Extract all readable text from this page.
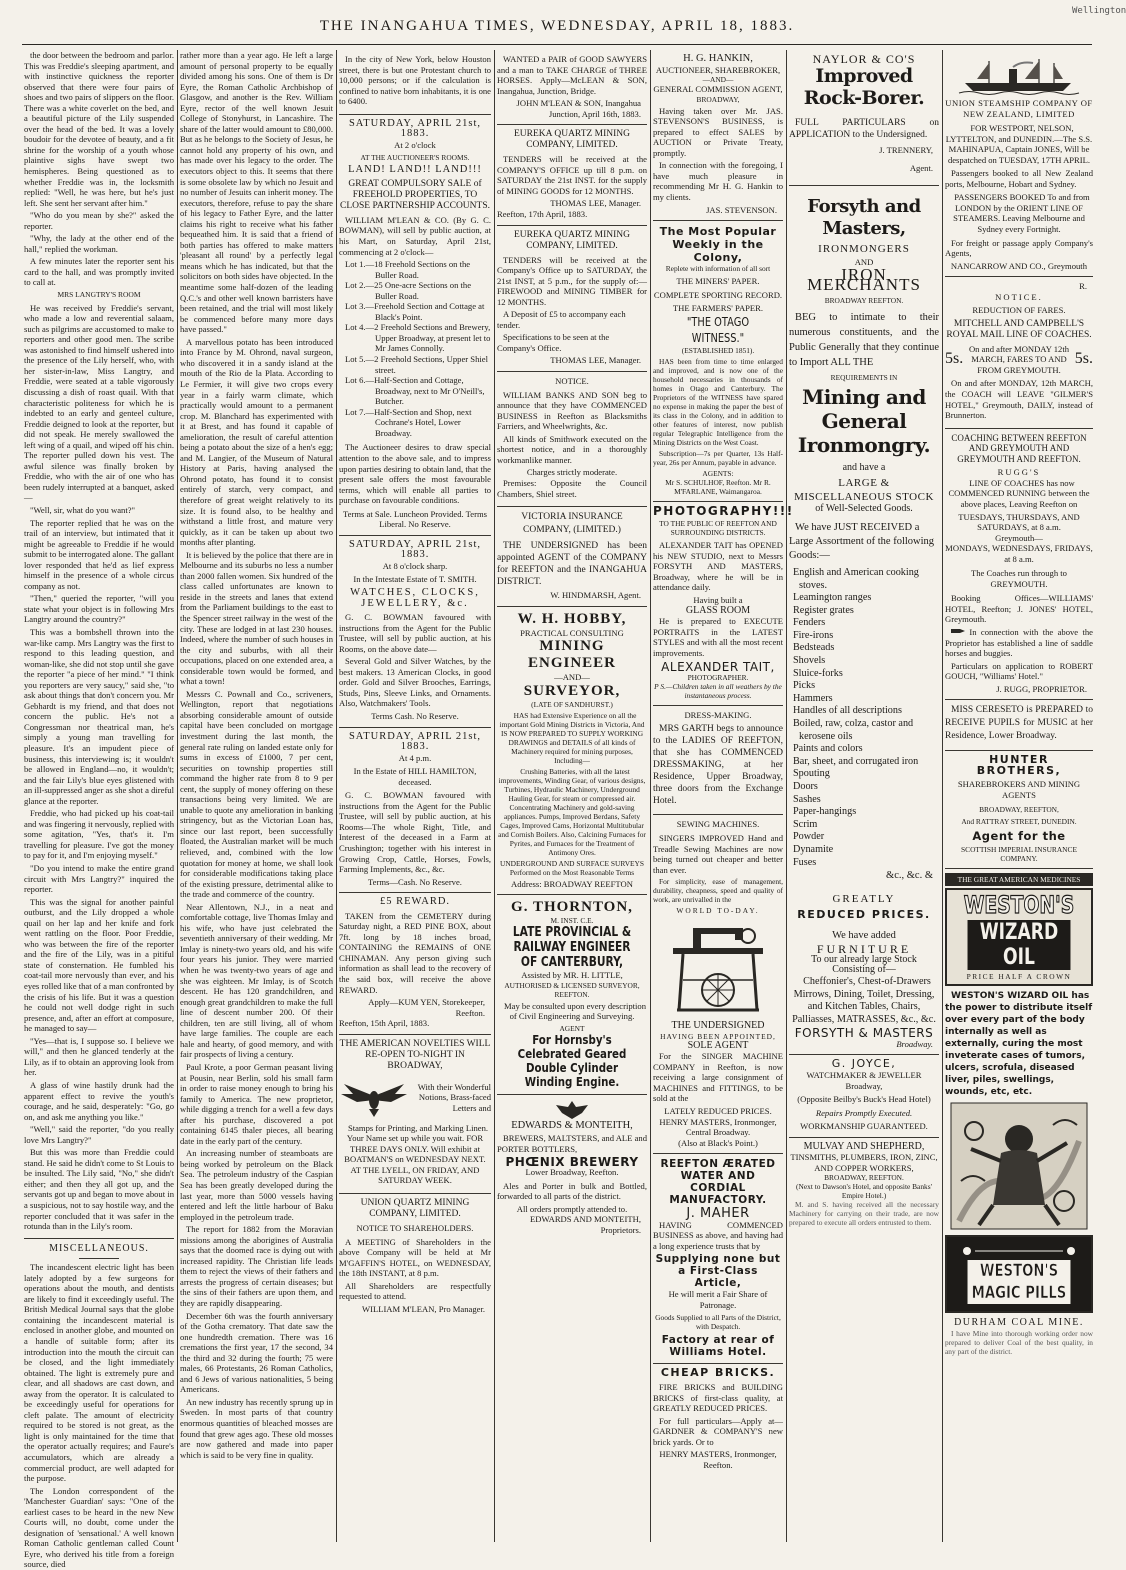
THE INANGAHUA TIMES, WEDNESDAY, APRIL 18, 1883.
Wellington

the door between the bedroom and parlor. This was Freddie's sleeping apartment, and with instinctive quickness the reporter observed that there were four pairs of shoes and two pairs of slippers on the floor. There was a white coverlet on the bed, and a beautiful picture of the Lily suspended over the head of the bed. It was a lovely boudoir for the devotee of beauty, and a fit shrine for the worship of a youth whose plaintive sighs have swept two hemispheres. Being questioned as to whether Freddie was in, the locksmith replied: "Well, he was here, but he's just left. She sent her servant after him."

"Who do you mean by she?" asked the reporter.

"Why, the lady at the other end of the hall," replied the workman.

A few minutes later the reporter sent his card to the hall, and was promptly invited to call at.

MRS LANGTRY'S ROOM

He was received by Freddie's servant, who made a low and reverential salaam, such as pilgrims are accustomed to make to reporters and other good men. The scribe was astonished to find himself ushered into the presence of the Lily herself, who, with her sister-in-law, Miss Langtry, and Freddie, were seated at a table vigorously discussing a dish of roast quail. With that characteristic politeness for which he is indebted to an early and genteel culture, Freddie deigned to look at the reporter, but did not speak. He merely swallowed the left wing of a quail, and wiped off his chin. The reporter pulled down his vest. The awful silence was finally broken by Freddie, who with the air of one who has been rudely interrupted at a banquet, asked—

"Well, sir, what do you want?"

The reporter replied that he was on the trail of an interview, but intimated that it might be agreeable to Freddie if he would submit to be interrogated alone. The gallant lover responded that he'd as lief express himself in the presence of a whole circus company as not.

"Then," queried the reporter, "will you state what your object is in following Mrs Langtry around the country?"

This was a bombshell thrown into the war-like camp. Mrs Langtry was the first to respond to this leading question, and woman-like, she did not stop until she gave the reporter "a piece of her mind." "I think you reporters are very saucy," said she, "to ask about things that don't concern you. Mr Gebhardt is my friend, and that does not concern the public. He's not a Congressman nor theatrical man, he's simply a young man travelling for pleasure. It's an impudent piece of business, this interviewing is; it wouldn't be allowed in England—no, it wouldn't; and the fair Lily's blue eyes glistened with an ill-suppressed anger as she shot a direful glance at the reporter.

Freddie, who had picked up his coat-tail and was fingering it nervously, replied with some agitation, "Yes, that's it. I'm travelling for pleasure. I've got the money to pay for it, and I'm enjoying myself."

"Do you intend to make the entire grand circuit with Mrs Langtry?" inquired the reporter.

This was the signal for another painful outburst, and the Lily dropped a whole quail on her lap and her knife and fork went rattling on the floor. Poor Freddie, who was between the fire of the reporter and the fire of the Lily, was in a pitiful state of consternation. He fumbled his coat-tail more nervously than ever, and his eyes rolled like that of a man confronted by the crisis of his life. But it was a question he could not well dodge right in such presence, and, after an effort at composure, he managed to say—

"Yes—that is, I suppose so. I believe we will," and then he glanced tenderly at the Lily, as if to obtain an approving look from her.

A glass of wine hastily drunk had the apparent effect to revive the youth's courage, and he said, desperately: "Go, go on, and ask me anything you like."

"Well," said the reporter, "do you really love Mrs Langtry?"

But this was more than Freddie could stand. He said he didn't come to St Louis to be insulted. The Lily said, "No," she didn't either; and then they all got up, and the servants got up and began to move about in a suspicious, not to say hostile way, and the reporter concluded that it was safer in the rotunda than in the Lily's room.

MISCELLANEOUS.

The incandescent electric light has been lately adopted by a few surgeons for operations about the mouth, and dentists are likely to find it exceedingly useful. The British Medical Journal says that the globe containing the incandescent material is enclosed in another globe, and mounted on a handle of suitable form; after its introduction into the mouth the circuit can be closed, and the light immediately obtained. The light is extremely pure and clear, and all shadows are cast down, and away from the operator. It is calculated to be exceedingly useful for operations for cleft palate. The amount of electricity required to be stored is not great, as the light is only maintained for the time that the operator actually requires; and Faure's accumulators, which are already a commercial product, are well adapted for the purpose.

The London correspondent of the 'Manchester Guardian' says: "One of the earliest cases to be heard in the new New Courts will, no doubt, come under the designation of 'sensational.' A well known Roman Catholic gentleman called Count Eyre, who derived his title from a foreign source, died

rather more than a year ago. He left a large amount of personal property to be equally divided among his sons. One of them is Dr Eyre, the Roman Catholic Archbishop of Glasgow, and another is the Rev. William Eyre, rector of the well known Jesuit College of Stonyhurst, in Lancashire. The share of the latter would amount to £80,000. But as he belongs to the Society of Jesus, he cannot hold any property of his own, and has made over his legacy to the order. The executors object to this. It seems that there is some obsolete law by which no Jesuit and no number of Jesuits can inherit money. The executors, therefore, refuse to pay the share of his legacy to Father Eyre, and the latter claims his right to receive what his father bequeathed him. It is said that a friend of both parties has offered to make matters 'pleasant all round' by a perfectly legal means which he has indicated, but that the solicitors on both sides have objected. In the meantime some half-dozen of the leading Q.C.'s and other well known barristers have been retained, and the trial will most likely be commenced before many more days have passed."

A marvellous potato has been introduced into France by M. Ohrond, naval surgeon, who discovered it in a sandy island at the mouth of the Rio de la Plata. According to Le Fermier, it will give two crops every year in a fairly warm climate, which practically would amount to a permanent crop. M. Blanchard has experimented with it at Brest, and has found it capable of amelioration, the result of careful attention being a potato about the size of a hen's egg; and M. Langier, of the Museum of Natural History at Paris, having analysed the Ohrond potato, has found it to consist entirely of starch, very compact, and therefore of great weight relatively to its size. It is found also, to be healthy and withstand a little frost, and mature very quickly, as it can be taken up about two months after planting.

It is believed by the police that there are in Melbourne and its suburbs no less a number than 2000 fallen women. Six hundred of the class called unfortunates are known to reside in the streets and lanes that extend from the Parliament buildings to the east to the Spencer street railway in the west of the city. These are lodged in at last 230 houses. Indeed, where the number of such houses in the city and suburbs, with all their occupations, placed on one extended area, a considerable town would be formed, and what a town!

Messrs C. Pownall and Co., scriveners, Wellington, report that negotiations absorbing considerable amount of outside capital have been concluded on mortgage investment during the last month, the general rate ruling on landed estate only for sums in excess of £1000, 7 per cent, securities on township properties still command the higher rate from 8 to 9 per cent, the supply of money offering on these transactions being very limited. We are unable to quote any amelioration in banking stringency, but as the Victorian Loan has, since our last report, been successfully floated, the Australian market will be much relieved, and, combined with the low quotation for money at home, we shall look for considerable modifications taking place of the existing pressure, detrimental alike to the trade and commerce of the country.

Near Allentown, N.J., in a neat and comfortable cottage, live Thomas Imlay and his wife, who have just celebrated the seventieth anniversary of their wedding. Mr Imlay is ninety-two years old, and his wife four years his junior. They were married when he was twenty-two years of age and she was eighteen. Mr Imlay, is of Scotch descent. He has 120 grandchildren, and enough great grandchildren to make the full line of descent number 200. Of their children, ten are still living, all of whom have large families. The couple are each hale and hearty, of good memory, and with fair prospects of living a century.

Paul Krote, a poor German peasant living at Pousin, near Berlin, sold his small farm in order to raise money enough to bring his family to America. The new proprietor, while digging a trench for a well a few days after his purchase, discovered a pot containing 6145 thaler pieces, all bearing date in the early part of the century.

An increasing number of steamboats are being worked by petroleum on the Black Sea. The petroleum industry of the Caspian Sea has been greatly developed during the last year, more than 5000 vessels having entered and left the little harbour of Baku employed in the petroleum trade.

The report for 1882 from the Moravian missions among the aborigines of Australia says that the doomed race is dying out with increased rapidity. The Christian life leads them to reject the views of their fathers and arrests the progress of certain diseases; but the sins of their fathers are upon them, and they are rapidly disappearing.

December 6th was the fourth anniversary of the Gotha crematory. That date saw the one hundredth cremation. There was 16 cremations the first year, 17 the second, 34 the third and 32 during the fourth; 75 were males, 66 Protestants, 26 Roman Catholics, and 6 Jews of various nationalities, 5 being Americans.

An new industry has recently sprung up in Sweden. In most parts of that country enormous quantities of bleached mosses are found that grew ages ago. These old mosses are now gathered and made into paper which is said to be very fine in quality.

In the city of New York, below Houston street, there is but one Protestant church to 10,000 persons; or if the calculation is confined to native born inhabitants, it is one to 6400.

SATURDAY, APRIL 21st, 1883.
At 2 o'clock
AT THE AUCTIONEER'S ROOMS.
LAND! LAND!! LAND!!!
GREAT COMPULSORY SALE of FREEHOLD PROPERTIES, TO CLOSE PARTNERSHIP ACCOUNTS.

WILLIAM M'LEAN & CO. (By G. C. BOWMAN), will sell by public auction, at his Mart, on Saturday, April 21st, commencing at 2 o'clock—

Lot 1.—18 Freehold Sections on the Buller Road.
Lot 2.—25 One-acre Sections on the Buller Road.
Lot 3.—Freehold Section and Cottage at Black's Point.
Lot 4.—2 Freehold Sections and Brewery, Upper Broadway, at present let to Mr James Connolly.
Lot 5.—2 Freehold Sections, Upper Shiel street.
Lot 6.—Half-Section and Cottage, Broadway, next to Mr O'Neill's, Butcher.
Lot 7.—Half-Section and Shop, next Cochrane's Hotel, Lower Broadway.

The Auctioneer desires to draw special attention to the above sale, and to impress upon parties desiring to obtain land, that the present sale offers the most favourable terms, which will enable all parties to purchase on favourable conditions.

Terms at Sale. Luncheon Provided. Terms Liberal. No Reserve.
SATURDAY, APRIL 21st, 1883.
At 8 o'clock sharp.
In the Intestate Estate of T. SMITH.
WATCHES, CLOCKS, JEWELLERY, &c.

G. C. BOWMAN favoured with instructions from the Agent for the Public Trustee, will sell by public auction, at his Rooms, on the above date—

Several Gold and Silver Watches, by the best makers. 13 American Clocks, in good order. Gold and Silver Brooches, Earrings, Studs, Pins, Sleeve Links, and Ornaments. Also, Watchmakers' Tools.

Terms Cash. No Reserve.
SATURDAY, APRIL 21st, 1883.
At 4 p.m.
In the Estate of HILL HAMILTON, deceased.

G. C. BOWMAN favoured with instructions from the Agent for the Public Trustee, will sell by public auction, at his Rooms—The whole Right, Title, and Interest of the deceased in a Farm at Crushington; together with his interest in Growing Crop, Cattle, Horses, Fowls, Farming Implements, &c., &c.

Terms—Cash. No Reserve.
£5 REWARD.

TAKEN from the CEMETERY during Saturday night, a RED PINE BOX, about 7ft. long by 18 inches broad, CONTAINING the REMAINS of ONE CHINAMAN. Any person giving such information as shall lead to the recovery of the said box, will receive the above REWARD.

Apply—KUM YEN, Storekeeper, Reefton.
Reefton, 15th April, 1883.
THE AMERICAN NOVELTIES WILL RE-OPEN TO-NIGHT IN BROADWAY,
With their Wonderful Notions, Brass-faced Letters and

Stamps for Printing, and Marking Linen. Your Name set up while you wait. FOR THREE DAYS ONLY. Will exhibit at BOATMAN'S on WEDNESDAY NEXT. AT THE LYELL, ON FRIDAY, AND SATURDAY WEEK.

UNION QUARTZ MINING COMPANY, LIMITED.
NOTICE TO SHAREHOLDERS.

A MEETING of Shareholders in the above Company will be held at Mr M'GAFFIN'S HOTEL, on WEDNESDAY, the 18th INSTANT, at 8 p.m.

All Shareholders are respectfully requested to attend.

WILLIAM M'LEAN, Pro Manager.

WANTED a PAIR of GOOD SAWYERS and a man to TAKE CHARGE of THREE HORSES. Apply—McLEAN & SON, Inangahua, Junction, Bridge.

JOHN M'LEAN & SON, Inangahua Junction, April 16th, 1883.
EUREKA QUARTZ MINING COMPANY, LIMITED.

TENDERS will be received at the COMPANY'S OFFICE up till 8 p.m. on SATURDAY the 21st INST. for the supply of MINING GOODS for 12 MONTHS.

THOMAS LEE, Manager.
Reefton, 17th April, 1883.
EUREKA QUARTZ MINING COMPANY, LIMITED.

TENDERS will be received at the Company's Office up to SATURDAY, the 21st INST, at 5 p.m., for the supply of:—FIREWOOD and MINING TIMBER for 12 MONTHS.

A Deposit of £5 to accompany each tender.

Specifications to be seen at the Company's Office.

THOMAS LEE, Manager.
NOTICE.

WILLIAM BANKS AND SON beg to announce that they have COMMENCED BUSINESS in Reefton as Blacksmiths Farriers, and Wheelwrights, &c.

All kinds of Smithwork executed on the shortest notice, and in a thoroughly workmanlike manner.

Charges strictly moderate.

Premises: Opposite the Council Chambers, Shiel street.

VICTORIA INSURANCE COMPANY, (LIMITED.)

THE UNDERSIGNED has been appointed AGENT of the COMPANY for REEFTON and the INANGAHUA DISTRICT.

W. HINDMARSH, Agent.
W. H. HOBBY,
PRACTICAL CONSULTING
MINING ENGINEER
—AND—
SURVEYOR,
(LATE OF SANDHURST.)

HAS had Extensive Experience on all the important Gold Mining Districts in Victoria, And IS NOW PREPARED TO SUPPLY WORKING DRAWINGS and DETAILS of all kinds of Machinery required for mining purposes, Including—

Crushing Batteries, with all the latest improvements, Winding Gear, of various designs, Turbines, Hydraulic Machinery, Underground Hauling Gear, for steam or compressed air. Concentrating Machinery and gold-saving appliances. Pumps, Improved Berdans, Safety Cages, Improved Cams, Horizontal Multitubular and Cornish Boilers. Also, Calcining Furnaces for Pyrites, and Furnaces for the Treatment of Antimony Ores.

UNDERGROUND AND SURFACE SURVEYS Performed on the Most Reasonable Terms
Address: BROADWAY REEFTON
G. THORNTON,
M. INST. C.E.
LATE PROVINCIAL & RAILWAY ENGINEER OF CANTERBURY,
Assisted by MR. H. LITTLE,
AUTHORISED & LICENSED SURVEYOR, REEFTON.

May be consulted upon every description of Civil Engineering and Surveying.

AGENT
For Hornsby's Celebrated Geared Double Cylinder Winding Engine.
EDWARDS & MONTEITH,

BREWERS, MALTSTERS, and ALE and PORTER BOTTLERS,

PHŒNIX BREWERY
Lower Broadway, Reefton.

Ales and Porter in bulk and Bottled, forwarded to all parts of the district.

All orders promptly attended to.
EDWARDS AND MONTEITH, Proprietors.
H. G. HANKIN,
AUCTIONEER, SHAREBROKER,
—AND—
GENERAL COMMISSION AGENT,
BROADWAY,

Having taken over Mr. JAS. STEVENSON'S BUSINESS, is prepared to effect SALES by AUCTION or Private Treaty, promptly.

In connection with the foregoing, I have much pleasure in recommending Mr H. G. Hankin to my clients.

JAS. STEVENSON.
The Most Popular Weekly in the Colony,
Replete with information of all sort
THE MINERS' PAPER.
COMPLETE SPORTING RECORD.
THE FARMERS' PAPER.
"THE OTAGO WITNESS."
(ESTABLISHED 1851).

HAS been from time to time enlarged and improved, and is now one of the household necessaries in thousands of homes in Otago and Canterbury. The Proprietors of the WITNESS have spared no expense in making the paper the best of its class in the Colony, and in addition to other features of interest, now publish regular Telegraphic Intelligence from the Mining Districts on the West Coast.

Subscription—7s per Quarter, 13s Half-year, 26s per Annum, payable in advance.

AGENTS:
Mr S. SCHULHOF, Reefton. Mr R. M'FARLANE, Waimangaroa.
PHOTOGRAPHY!!!
TO THE PUBLIC OF REEFTON AND SURROUNDING DISTRICTS.

ALEXANDER TAIT has OPENED his NEW STUDIO, next to Messrs FORSYTH AND MASTERS, Broadway, where he will be in attendance daily.

Having built a
GLASS ROOM

He is prepared to EXECUTE PORTRAITS in the LATEST STYLES and with all the most recent improvements.

ALEXANDER TAIT,
PHOTOGRAPHER.
P S.—Children taken in all weathers by the instantaneous process.
DRESS-MAKING.

MRS GARTH begs to announce to the LADIES OF REEFTON, that she has COMMENCED DRESSMAKING, at her Residence, Upper Broadway, three doors from the Exchange Hotel.

SEWING MACHINES.

SINGERS IMPROVED Hand and Treadle Sewing Machines are now being turned out cheaper and better than ever.

For simplicity, ease of management, durability, cheapness, speed and quality of work, are unrivalled in the

WORLD TO-DAY.
THE UNDERSIGNED
HAVING BEEN APPOINTED,
SOLE AGENT

For the SINGER MACHINE COMPANY in Reefton, is now receiving a large consignment of MACHINES and FITTINGS, to be sold at the

LATELY REDUCED PRICES.
HENRY MASTERS, Ironmonger, Central Broadway.
(Also at Black's Point.)
REEFTON ÆRATED WATER AND CORDIAL MANUFACTORY.
J. MAHER

HAVING COMMENCED BUSINESS as above, and having had a long experience trusts that by

Supplying none but a First-Class Article,
He will merit a Fair Share of Patronage.
Goods Supplied to all Parts of the District, with Despatch.
Factory at rear of Williams Hotel.
CHEAP BRICKS.

FIRE BRICKS and BUILDING BRICKS of first-class quality, at GREATLY REDUCED PRICES.

For full particulars—Apply at—GARDNER & COMPANY'S new brick yards. Or to

HENRY MASTERS, Ironmonger, Reefton.
NAYLOR & CO'S
Improved Rock-Borer.

FULL PARTICULARS on APPLICATION to the Undersigned.

J. TRENNERY,
Agent.
Forsyth and Masters,
IRONMONGERS
AND
IRON MERCHANTS
BROADWAY REEFTON.

BEG to intimate to their numerous constituents, and the Public Generally that they continue to Import ALL THE

REQUIREMENTS IN
Mining and General Ironmongry.
and have a
LARGE & MISCELLANEOUS STOCK
of Well-Selected Goods.

We have JUST RECEIVED a Large Assortment of the following Goods:—

English and American cooking stoves.
Leamington ranges
Register grates
Fenders
Fire-irons
Bedsteads
Shovels
Sluice-forks
Picks
Hammers
Handles of all descriptions
Boiled, raw, colza, castor and kerosene oils
Paints and colors
Bar, sheet, and corrugated iron
Spouting
Doors
Sashes
Paper-hangings
Scrim
Powder
Dynamite
Fuses
&c., &c. &
GREATLY
REDUCED PRICES.
We have added
FURNITURE
To our already large Stock Consisting of—

Cheffonier's, Chest-of-Drawers Mirrows, Dining, Toilet, Dressing, and Kitchen Tables, Chairs, Palliasses, MATRASSES, &c., &c.

FORSYTH & MASTERS
Broadway.
G. JOYCE,
WATCHMAKER & JEWELLER Broadway,
(Opposite Beilby's Buck's Head Hotel)
Repairs Promptly Executed.
WORKMANSHIP GUARANTEED.
MULVAY AND SHEPHERD,
TINSMITHS, PLUMBERS, IRON, ZINC, AND COPPER WORKERS,
BROADWAY, REEFTON.
(Next to Dawson's Hotel, and opposite Banks' Empire Hotel.)

M. and S. having received all the necessary Machinery for carrying on their trade, are now prepared to execute all orders entrusted to them.

UNION STEAMSHIP COMPANY OF NEW ZEALAND, LIMITED

FOR WESTPORT, NELSON, LYTTELTON, and DUNEDIN.—The S.S. MAHINAPUA, Captain JONES, Will be despatched on TUESDAY, 17TH APRIL.

Passengers booked to all New Zealand ports, Melbourne, Hobart and Sydney.

PASSENGERS BOOKED To and from LONDON by the ORIENT LINE OF STEAMERS. Leaving Melbourne and Sydney every Fortnight.

For freight or passage apply Company's Agents,

NANCARROW AND CO., Greymouth
R.
NOTICE.
REDUCTION OF FARES.
MITCHELL AND CAMPBELL'S ROYAL MAIL LINE OF COACHES.
5s.
On and after MONDAY 12th MARCH, FARES TO AND FROM GREYMOUTH.
5s.

On and after MONDAY, 12th MARCH, the COACH will LEAVE "GILMER'S HOTEL," Greymouth, DAILY, instead of Brunnerton.

COACHING BETWEEN REEFTON AND GREYMOUTH AND GREYMOUTH AND REEFTON.
RUGG'S

LINE OF COACHES has now COMMENCED RUNNING between the above places, Leaving Reefton on

TUESDAYS, THURSDAYS, AND SATURDAYS, at 8 a.m.
Greymouth—
MONDAYS, WEDNESDAYS, FRIDAYS, at 8 a.m.
The Coaches run through to GREYMOUTH.

Booking Offices—WILLIAMS' HOTEL, Reefton; J. JONES' HOTEL, Greymouth.

In connection with the above the Proprietor has established a line of saddle horses and buggies.

Particulars on application to ROBERT GOUCH, "Williams' Hotel."

J. RUGG, PROPRIETOR.

MISS CERESETO is PREPARED to RECEIVE PUPILS for MUSIC at her Residence, Lower Broadway.

HUNTER BROTHERS,
SHAREBROKERS AND MINING AGENTS
BROADWAY, REEFTON,
And RATTRAY STREET, DUNEDIN.
Agent for the
SCOTTISH IMPERIAL INSURANCE COMPANY.
THE GREAT AMERICAN MEDICINES
WESTON'S
WIZARD OIL
PRICE HALF A CROWN

WESTON'S WIZARD OIL has the power to distribute itself over every part of the body internally as well as externally, curing the most inveterate cases of tumors, ulcers, scrofula, diseased liver, piles, swellings, wounds, etc, etc.

WESTON'S MAGIC PILLS
DURHAM COAL MINE.

I have Mine into thorough working order now prepared to deliver Coal of the best quality, in any part of the district.
